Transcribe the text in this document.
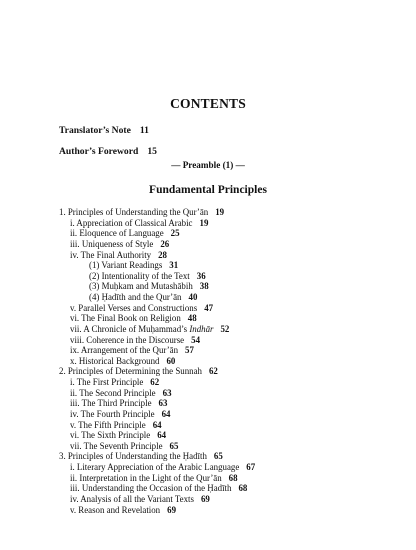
CONTENTS
Translator’s Note 11
Author’s Foreword 15
— Preamble (1) —
Fundamental Principles
1. Principles of Understanding the Qur’ān 19
i. Appreciation of Classical Arabic 19
ii. Eloquence of Language 25
iii. Uniqueness of Style 26
iv. The Final Authority 28
(1) Variant Readings 31
(2) Intentionality of the Text 36
(3) Muḥkam and Mutashābih 38
(4) Ḥadīth and the Qur’ān 40
v. Parallel Verses and Constructions 47
vi. The Final Book on Religion 48
vii. A Chronicle of Muḥammad’s Indhār 52
viii. Coherence in the Discourse 54
ix. Arrangement of the Qur’ān 57
x. Historical Background 60
2. Principles of Determining the Sunnah 62
i. The First Principle 62
ii. The Second Principle 63
iii. The Third Principle 63
iv. The Fourth Principle 64
v. The Fifth Principle 64
vi. The Sixth Principle 64
vii. The Seventh Principle 65
3. Principles of Understanding the Ḥadīth 65
i. Literary Appreciation of the Arabic Language 67
ii. Interpretation in the Light of the Qur’ān 68
iii. Understanding the Occasion of the Ḥadīth 68
iv. Analysis of all the Variant Texts 69
v. Reason and Revelation 69
